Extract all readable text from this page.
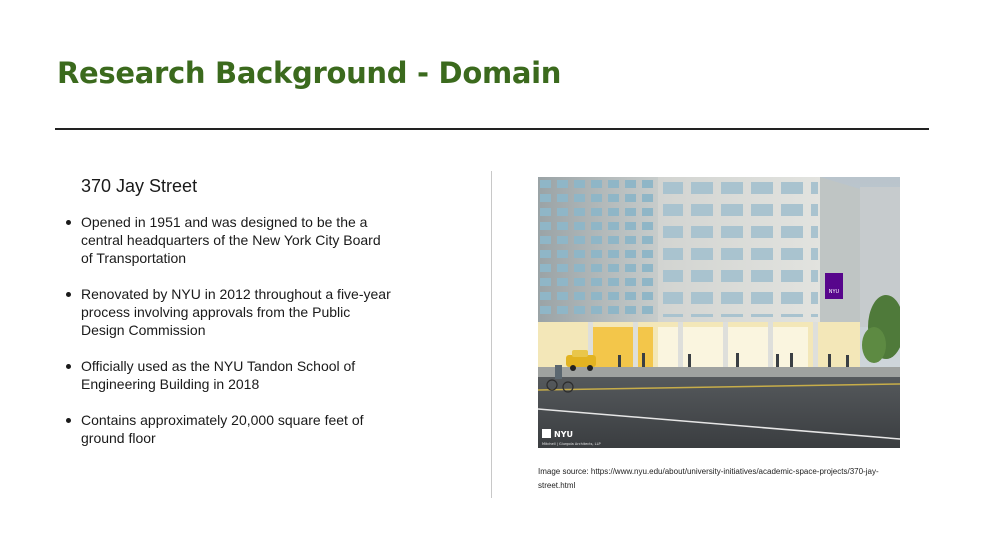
Research Background - Domain
370 Jay Street
Opened in 1951 and was designed to be the a central headquarters of the New York City Board of Transportation
Renovated by NYU in 2012 throughout a five-year process involving approvals from the Public Design Commission
Officially used as the NYU Tandon School of Engineering Building in 2018
Contains approximately 20,000 square feet of ground floor
NYU
NYU
Mitchell | Giurgola Architects, LLP

Image source: https://www.nyu.edu/about/university-initiatives/academic-space-projects/370-jay-street.html
